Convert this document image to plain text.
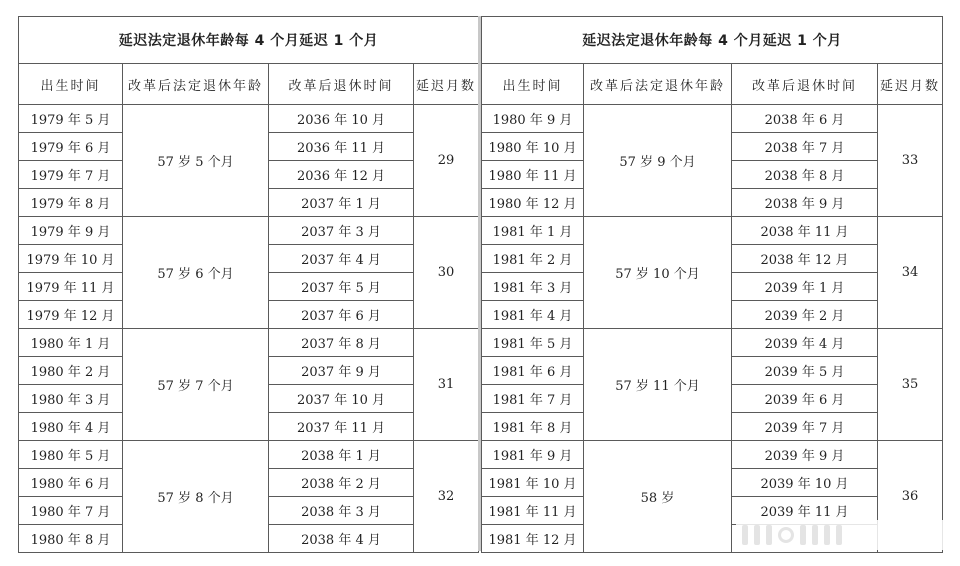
延迟法定退休年龄每 4 个月延迟 1 个月			
出生时间	改革后法定退休年龄	改革后退休时间	延迟月数
1979 年 5 月	57 岁 5 个月	2036 年 10 月	29
1979 年 6 月		2036 年 11 月	
1979 年 7 月		2036 年 12 月	
1979 年 8 月		2037 年 1 月	
1979 年 9 月	57 岁 6 个月	2037 年 3 月	30
1979 年 10 月		2037 年 4 月	
1979 年 11 月		2037 年 5 月	
1979 年 12 月		2037 年 6 月	
1980 年 1 月	57 岁 7 个月	2037 年 8 月	31
1980 年 2 月		2037 年 9 月	
1980 年 3 月		2037 年 10 月	
1980 年 4 月		2037 年 11 月	
1980 年 5 月	57 岁 8 个月	2038 年 1 月	32
1980 年 6 月		2038 年 2 月	
1980 年 7 月		2038 年 3 月	
1980 年 8 月		2038 年 4 月	
延迟法定退休年龄每 4 个月延迟 1 个月			
出生时间	改革后法定退休年龄	改革后退休时间	延迟月数
1980 年 9 月	57 岁 9 个月	2038 年 6 月	33
1980 年 10 月		2038 年 7 月	
1980 年 11 月		2038 年 8 月	
1980 年 12 月		2038 年 9 月	
1981 年 1 月	57 岁 10 个月	2038 年 11 月	34
1981 年 2 月		2038 年 12 月	
1981 年 3 月		2039 年 1 月	
1981 年 4 月		2039 年 2 月	
1981 年 5 月	57 岁 11 个月	2039 年 4 月	35
1981 年 6 月		2039 年 5 月	
1981 年 7 月		2039 年 6 月	
1981 年 8 月		2039 年 7 月	
1981 年 9 月	58 岁	2039 年 9 月	36
1981 年 10 月		2039 年 10 月	
1981 年 11 月		2039 年 11 月	
1981 年 12 月			
